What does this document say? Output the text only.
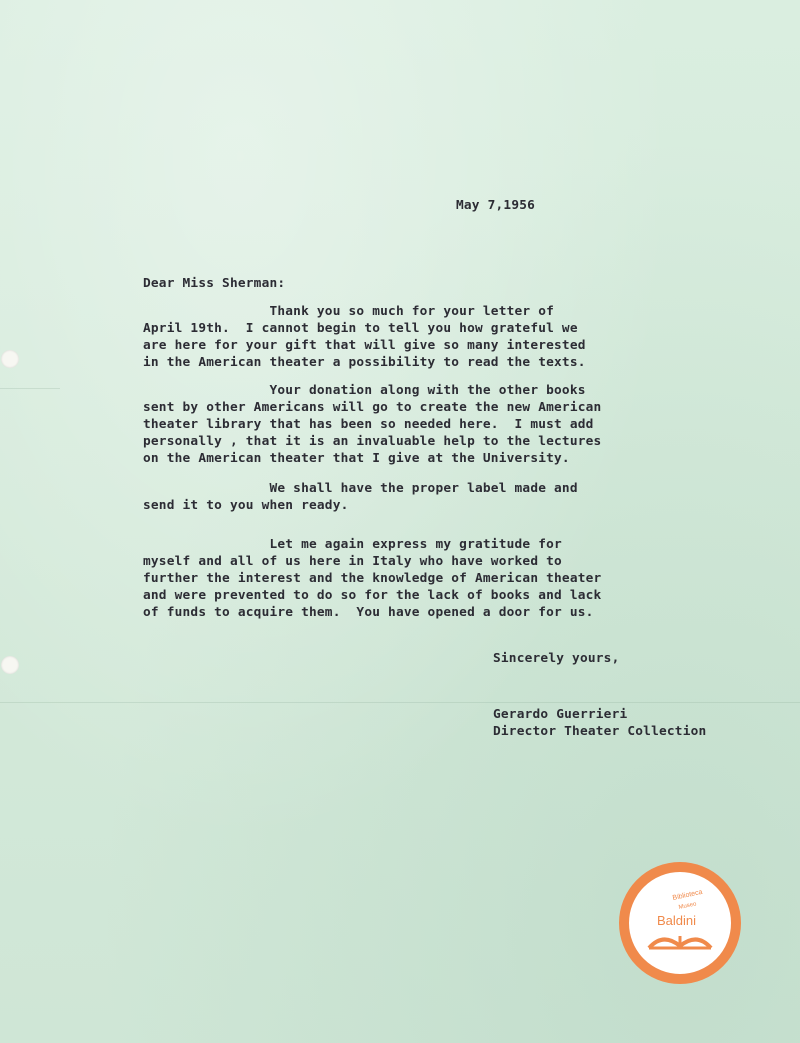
May 7,1956

Dear Miss Sherman:

Thank you so much for your letter of
April 19th.  I cannot begin to tell you how grateful we
are here for your gift that will give so many interested
in the American theater a possibility to read the texts.

Your donation along with the other books
sent by other Americans will go to create the new American
theater library that has been so needed here.  I must add
personally , that it is an invaluable help to the lectures
on the American theater that I give at the University.

We shall have the proper label made and
send it to you when ready.

Let me again express my gratitude for
myself and all of us here in Italy who have worked to
further the interest and the knowledge of American theater
and were prevented to do so for the lack of books and lack
of funds to acquire them.  You have opened a door for us.

Sincerely yours,

Gerardo Guerrieri

Director Theater Collection

Biblioteca
Museo
Baldini
